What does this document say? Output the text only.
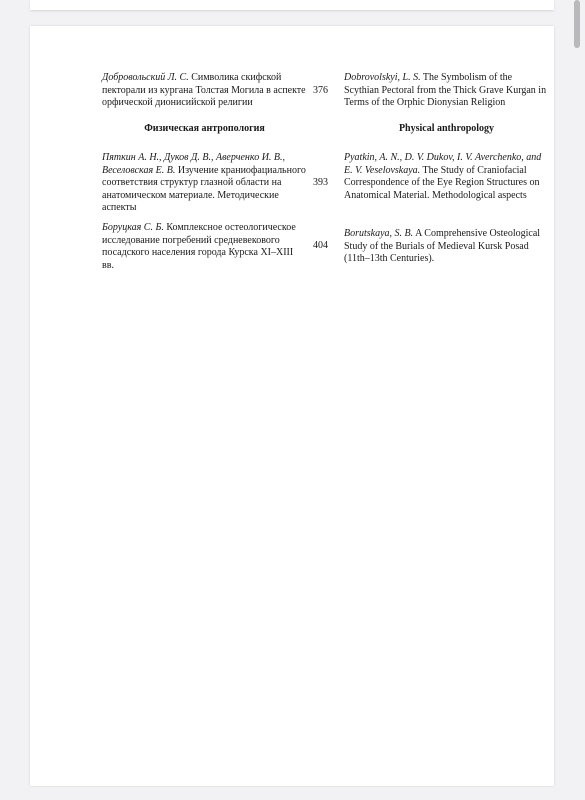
Добровольский Л. С. Символика скифской пекторали из кургана Толстая Могила в аспекте орфической дионисийской религии
376
Dobrovolskyi, L. S. The Symbolism of the Scythian Pectoral from the Thick Grave Kurgan in Terms of the Orphic Dionysian Religion
Физическая антропология	Physical anthropology
Пяткин А. Н., Дуков Д. В., Аверченко И. В., Веселовская Е. В. Изучение краниофациального соответствия структур глазной области на анатомическом материале. Методические аспекты
393
Pyatkin, A. N., D. V. Dukov, I. V. Averchenko, and E. V. Veselovskaya. The Study of Craniofacial Correspondence of the Eye Region Structures on Anatomical Material. Methodological aspects
Боруцкая С. Б. Комплексное остеологическое исследование погребений средневекового посадского населения города Курска XI–XIII вв.
404
Borutskaya, S. B. A Comprehensive Osteological Study of the Burials of Medieval Kursk Posad (11th–13th Centuries).
